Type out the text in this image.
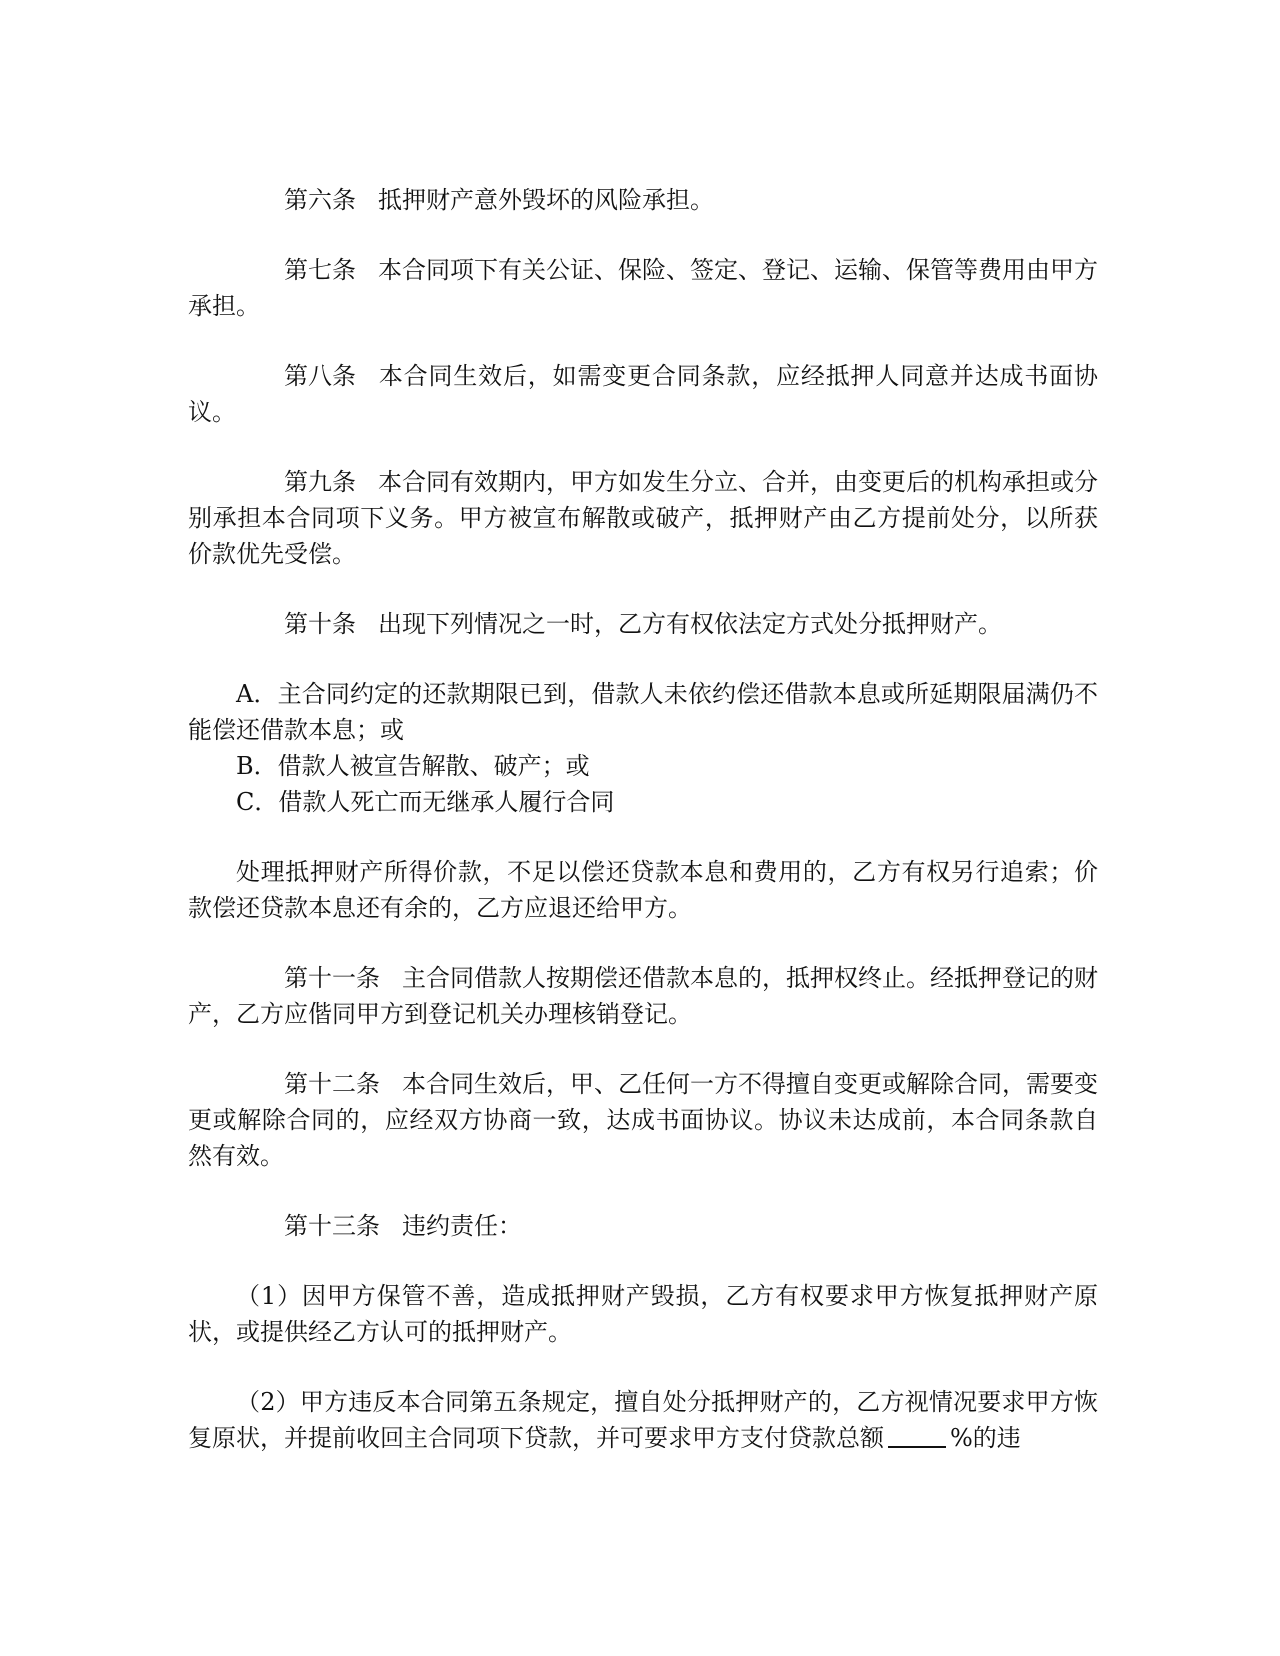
第六条 抵押财产意外毁坏的风险承担。

第七条 本合同项下有关公证、保险、签定、登记、运输、保管等费用由甲方承担。

第八条 本合同生效后，如需变更合同条款，应经抵押人同意并达成书面协议。

第九条 本合同有效期内，甲方如发生分立、合并，由变更后的机构承担或分别承担本合同项下义务。甲方被宣布解散或破产，抵押财产由乙方提前处分，以所获价款优先受偿。

第十条 出现下列情况之一时，乙方有权依法定方式处分抵押财产。

A．主合同约定的还款期限已到，借款人未依约偿还借款本息或所延期限届满仍不能偿还借款本息；或

B．借款人被宣告解散、破产；或

C．借款人死亡而无继承人履行合同

处理抵押财产所得价款，不足以偿还贷款本息和费用的，乙方有权另行追索；价款偿还贷款本息还有余的，乙方应退还给甲方。

第十一条 主合同借款人按期偿还借款本息的，抵押权终止。经抵押登记的财产，乙方应偕同甲方到登记机关办理核销登记。

第十二条 本合同生效后，甲、乙任何一方不得擅自变更或解除合同，需要变更或解除合同的，应经双方协商一致，达成书面协议。协议未达成前，本合同条款自然有效。

第十三条 违约责任：

（1）因甲方保管不善，造成抵押财产毁损，乙方有权要求甲方恢复抵押财产原状，或提供经乙方认可的抵押财产。

（2）甲方违反本合同第五条规定，擅自处分抵押财产的，乙方视情况要求甲方恢复原状，并提前收回主合同项下贷款，并可要求甲方支付贷款总额	%的违
